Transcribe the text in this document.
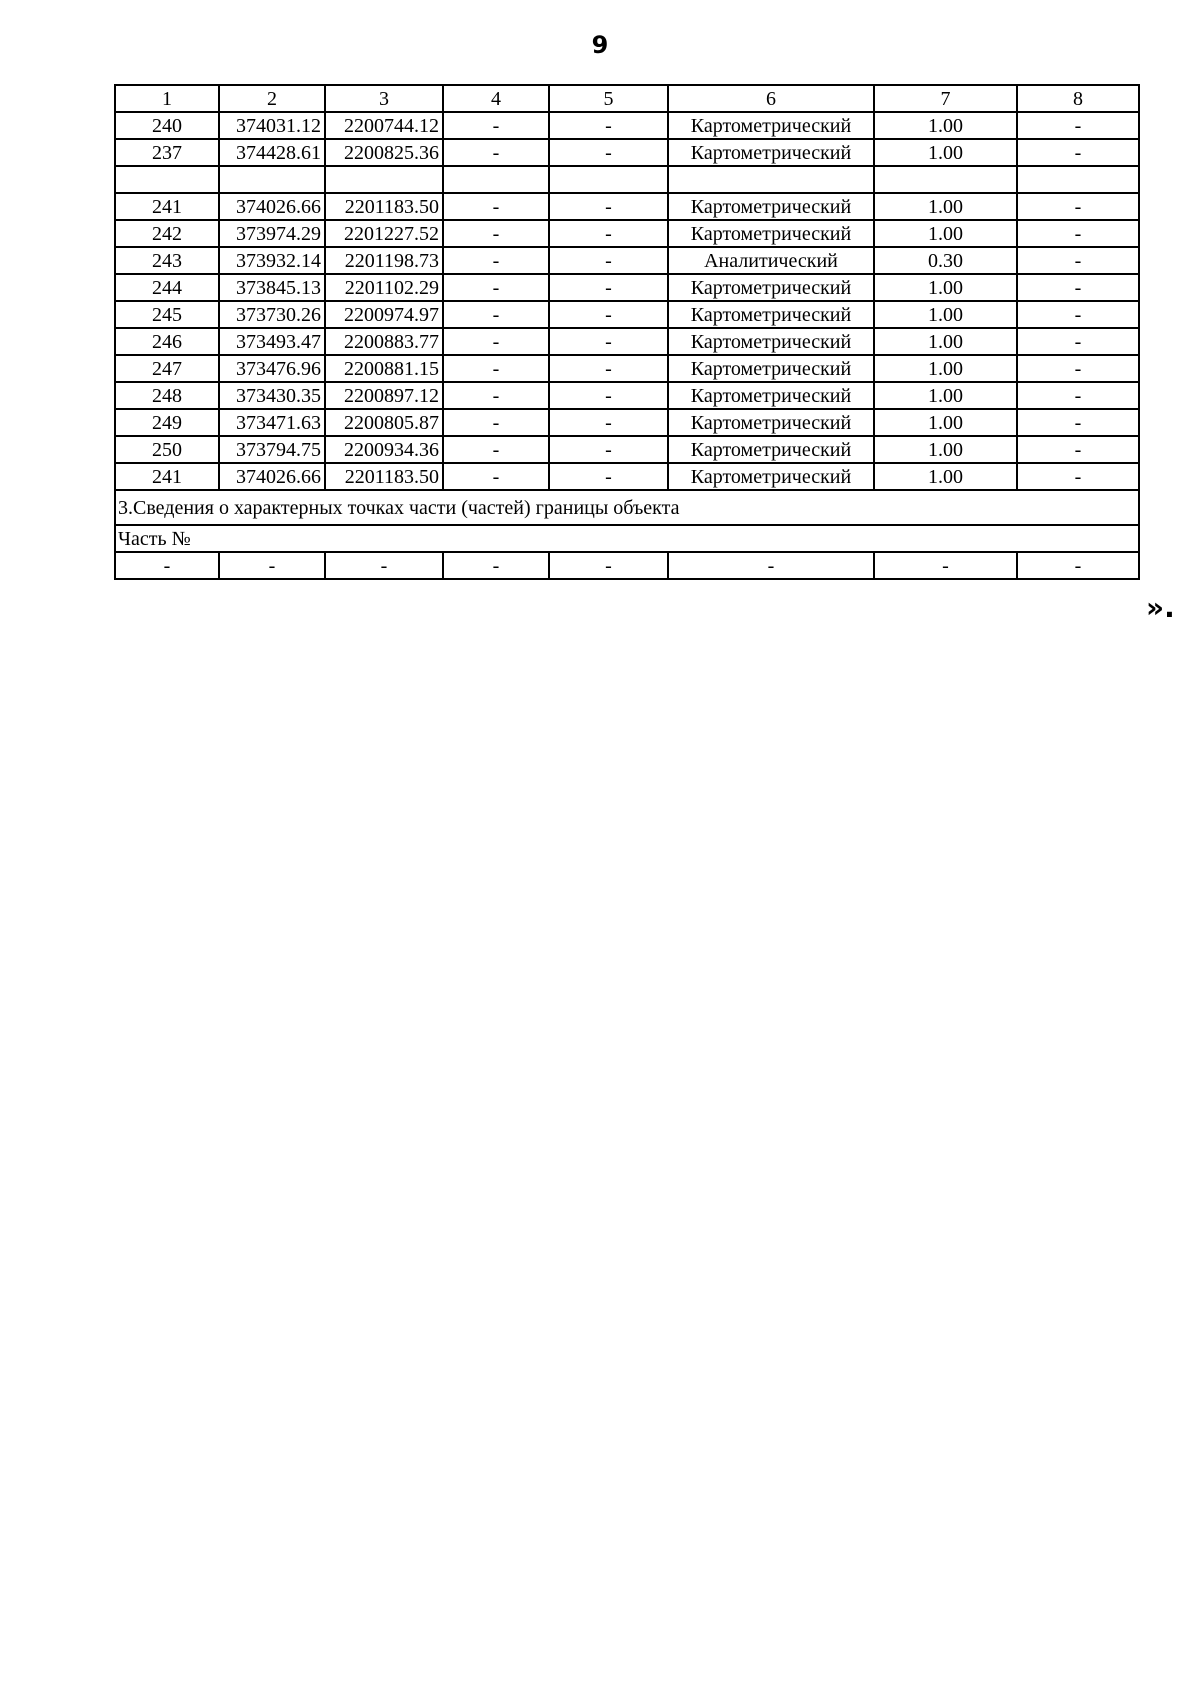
9
1	2	3	4	5	6	7	8
240	374031.12	2200744.12	-	-	Картометрический	1.00	-
237	374428.61	2200825.36	-	-	Картометрический	1.00	-

241	374026.66	2201183.50	-	-	Картометрический	1.00	-
242	373974.29	2201227.52	-	-	Картометрический	1.00	-
243	373932.14	2201198.73	-	-	Аналитический	0.30	-
244	373845.13	2201102.29	-	-	Картометрический	1.00	-
245	373730.26	2200974.97	-	-	Картометрический	1.00	-
246	373493.47	2200883.77	-	-	Картометрический	1.00	-
247	373476.96	2200881.15	-	-	Картометрический	1.00	-
248	373430.35	2200897.12	-	-	Картометрический	1.00	-
249	373471.63	2200805.87	-	-	Картометрический	1.00	-
250	373794.75	2200934.36	-	-	Картометрический	1.00	-
241	374026.66	2201183.50	-	-	Картометрический	1.00	-
3.Сведения о характерных точках части (частей) границы объекта							
Часть №							
-	-	-	-	-	-	-	-
».
